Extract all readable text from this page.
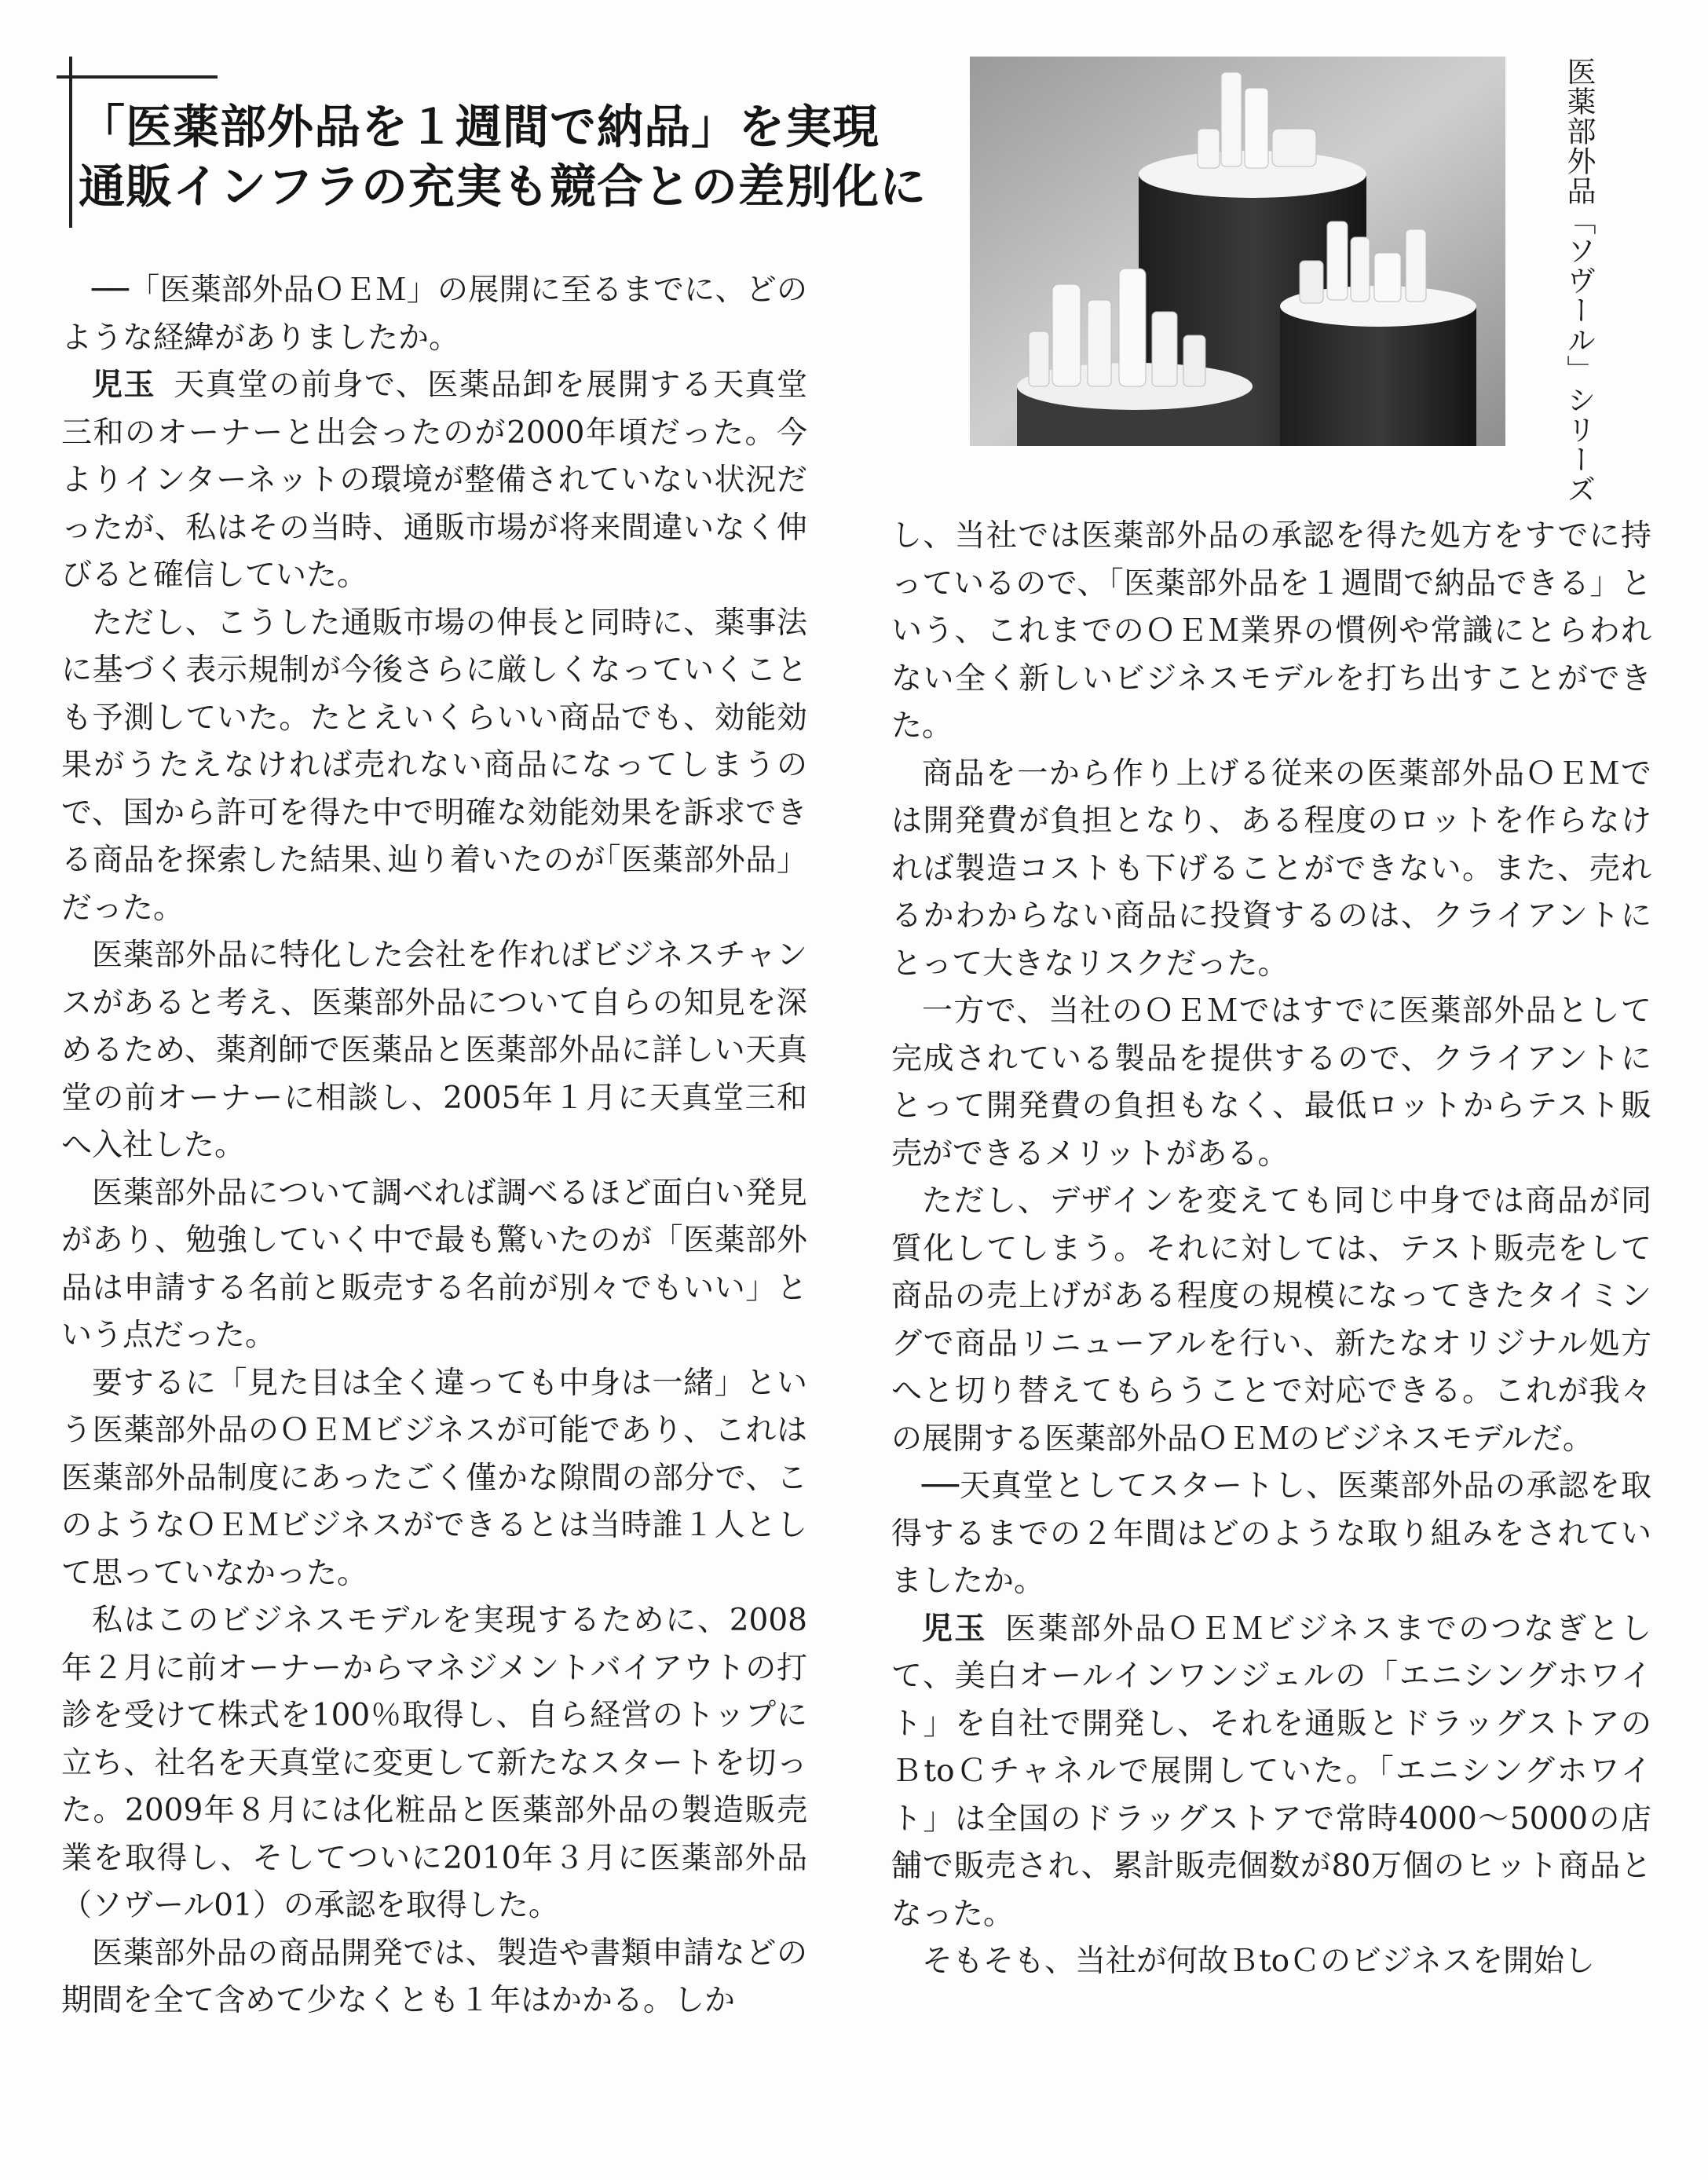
「医薬部外品を１週間で納品」を実現
通販インフラの充実も競合との差別化に

──「医薬部外品ＯＥＭ」の展開に至るまでに、どのような経緯がありましたか。

児玉 天真堂の前身で、医薬品卸を展開する天真堂三和のオーナーと出会ったのが2000年頃だった。今よりインターネットの環境が整備されていない状況だったが、私はその当時、通販市場が将来間違いなく伸びると確信していた。

ただし、こうした通販市場の伸長と同時に、薬事法に基づく表示規制が今後さらに厳しくなっていくことも予測していた。たとえいくらいい商品でも、効能効果がうたえなければ売れない商品になってしまうので、国から許可を得た中で明確な効能効果を訴求できる商品を探索した結果､辿り着いたのが｢医薬部外品」だった。

医薬部外品に特化した会社を作ればビジネスチャンスがあると考え、医薬部外品について自らの知見を深めるため、薬剤師で医薬品と医薬部外品に詳しい天真堂の前オーナーに相談し、2005年１月に天真堂三和へ入社した。

医薬部外品について調べれば調べるほど面白い発見があり、勉強していく中で最も驚いたのが「医薬部外品は申請する名前と販売する名前が別々でもいい」という点だった。

要するに「見た目は全く違っても中身は一緒」という医薬部外品のＯＥＭビジネスが可能であり、これは医薬部外品制度にあったごく僅かな隙間の部分で、このようなＯＥＭビジネスができるとは当時誰１人として思っていなかった。

私はこのビジネスモデルを実現するために、2008年２月に前オーナーからマネジメントバイアウトの打診を受けて株式を100％取得し、自ら経営のトップに立ち、社名を天真堂に変更して新たなスタートを切った。2009年８月には化粧品と医薬部外品の製造販売業を取得し、そしてついに2010年３月に医薬部外品（ソヴール01）の承認を取得した。

医薬部外品の商品開発では、製造や書類申請などの期間を全て含めて少なくとも１年はかかる。しか

医薬部外品「ソヴール」シリーズ

し、当社では医薬部外品の承認を得た処方をすでに持っているので、「医薬部外品を１週間で納品できる」という、これまでのＯＥＭ業界の慣例や常識にとらわれない全く新しいビジネスモデルを打ち出すことができた。

商品を一から作り上げる従来の医薬部外品ＯＥＭでは開発費が負担となり、ある程度のロットを作らなければ製造コストも下げることができない。また、売れるかわからない商品に投資するのは、クライアントにとって大きなリスクだった。

一方で、当社のＯＥＭではすでに医薬部外品として完成されている製品を提供するので、クライアントにとって開発費の負担もなく、最低ロットからテスト販売ができるメリットがある。

ただし、デザインを変えても同じ中身では商品が同質化してしまう。それに対しては、テスト販売をして商品の売上げがある程度の規模になってきたタイミングで商品リニューアルを行い、新たなオリジナル処方へと切り替えてもらうことで対応できる。これが我々の展開する医薬部外品ＯＥＭのビジネスモデルだ。

──天真堂としてスタートし、医薬部外品の承認を取得するまでの２年間はどのような取り組みをされていましたか。

児玉 医薬部外品ＯＥＭビジネスまでのつなぎとして、美白オールインワンジェルの「エニシングホワイト」を自社で開発し、それを通販とドラッグストアのＢtoＣチャネルで展開していた。「エニシングホワイト」は全国のドラッグストアで常時4000～5000の店舗で販売され、累計販売個数が80万個のヒット商品となった。

そもそも、当社が何故ＢtoＣのビジネスを開始し
